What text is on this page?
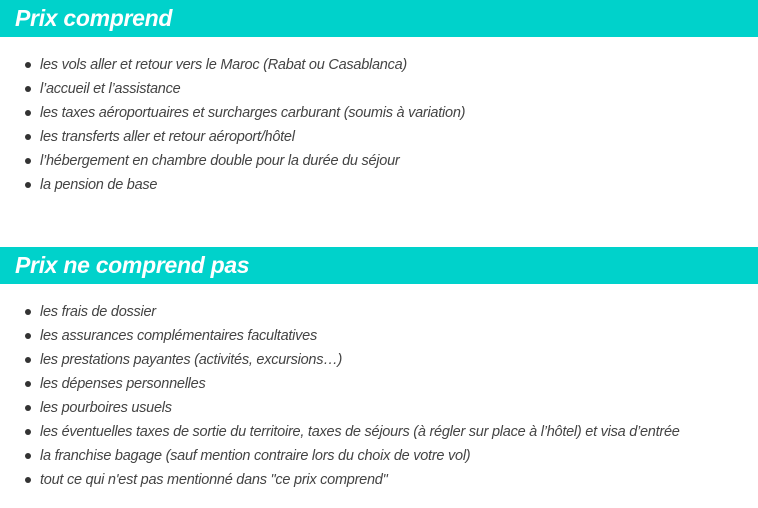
Prix comprend
les vols aller et retour vers le Maroc (Rabat ou Casablanca)
l’accueil et l’assistance
les taxes aéroportuaires et surcharges carburant (soumis à variation)
les transferts aller et retour aéroport/hôtel
l’hébergement en chambre double pour la durée du séjour
la pension de base
Prix ne comprend pas
les frais de dossier
les assurances complémentaires facultatives
les prestations payantes (activités, excursions…)
les dépenses personnelles
les pourboires usuels
les éventuelles taxes de sortie du territoire, taxes de séjours (à régler sur place à l’hôtel) et visa d’entrée
la franchise bagage (sauf mention contraire lors du choix de votre vol)
tout ce qui n'est pas mentionné dans "ce prix comprend"
